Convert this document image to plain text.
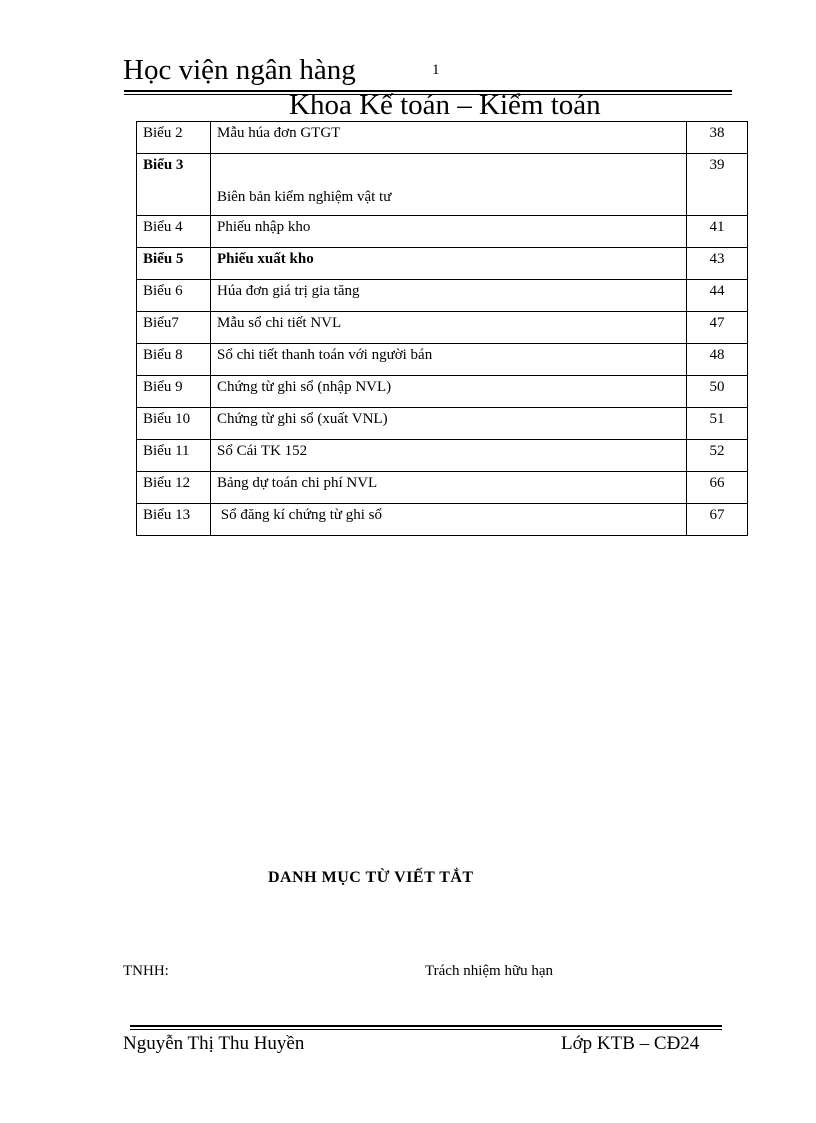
Học viện ngân hàng	1
Khoa Kế toán – Kiểm toán
Biểu 2	Mẫu húa đơn GTGT	38
Biểu 3	Biên bản kiểm nghiệm vật tư	39
Biểu 4	Phiếu nhập kho	41
Biểu 5	Phiếu xuất kho	43
Biểu 6	Húa đơn giá trị gia tăng	44
Biểu7	Mẫu sổ chi tiết NVL	47
Biểu 8	Sổ chi tiết thanh toán với người bán	48
Biểu 9	Chứng từ ghi sổ (nhập NVL)	50
Biểu 10	Chứng từ ghi sổ (xuất VNL)	51
Biểu 11	Sổ Cái TK 152	52
Biểu 12	Bảng dự toán chi phí NVL	66
Biểu 13	Sổ đăng kí chứng từ ghi sổ	67
DANH MỤC TỪ VIẾT TẮT
TNHH:	Trách nhiệm hữu hạn
Nguyễn Thị Thu Huyền	Lớp KTB – CĐ24
